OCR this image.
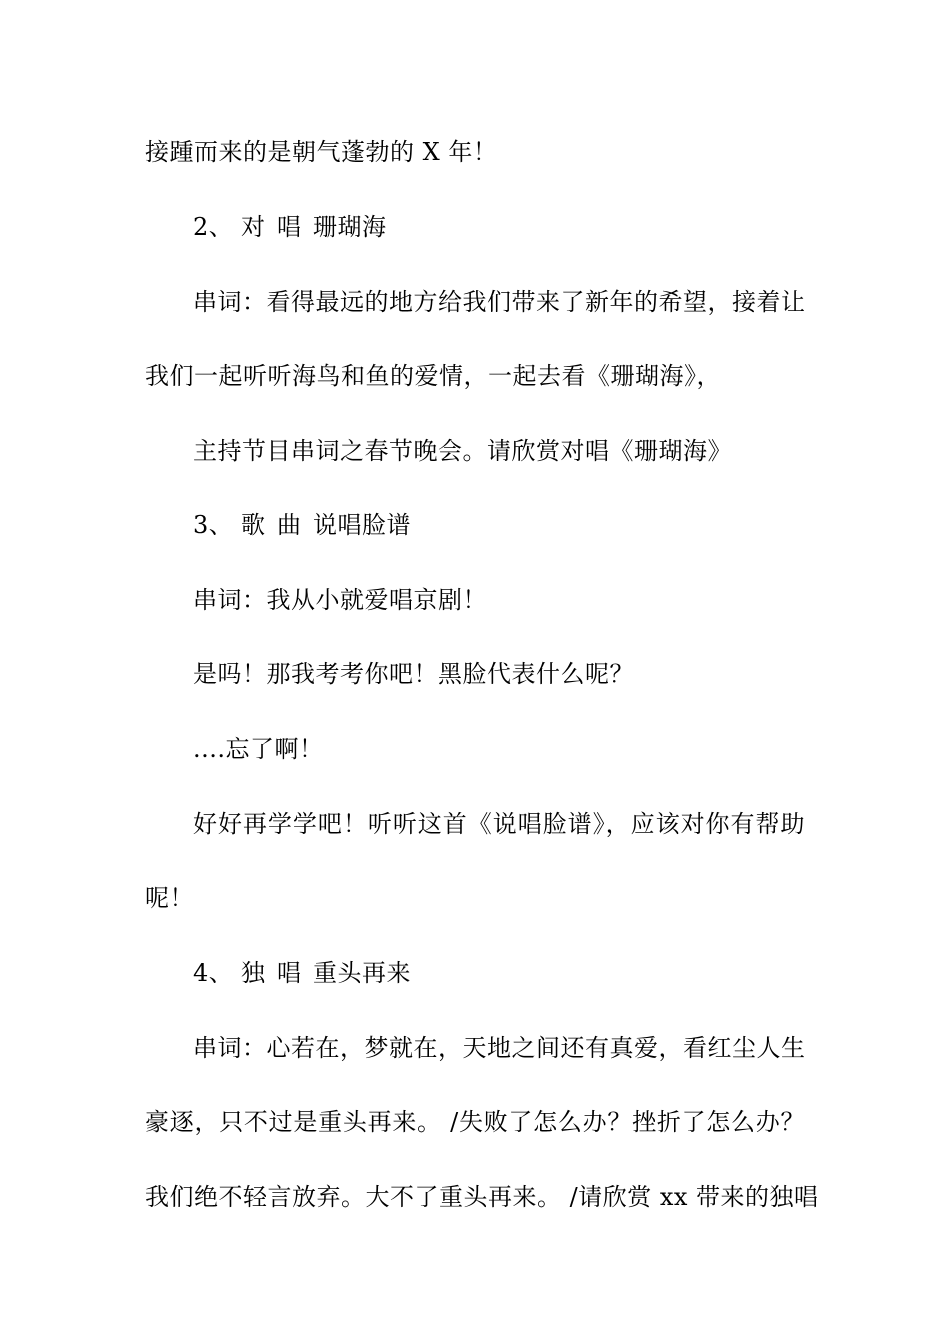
接踵而来的是朝气蓬勃的 X 年！
2、 对唱珊瑚海
串词：看得最远的地方给我们带来了新年的希望，接着让
我们一起听听海鸟和鱼的爱情，一起去看《珊瑚海》，
主持节目串词之春节晚会。请欣赏对唱《珊瑚海》
3、 歌曲说唱脸谱
串词：我从小就爱唱京剧！
是吗！那我考考你吧！黑脸代表什么呢？
....忘了啊！
好好再学学吧！听听这首《说唱脸谱》，应该对你有帮助
呢！
4、 独唱重头再来
串词：心若在，梦就在，天地之间还有真爱，看红尘人生
豪逐，只不过是重头再来。 /失败了怎么办？挫折了怎么办？
我们绝不轻言放弃。大不了重头再来。 /请欣赏 xx 带来的独唱
